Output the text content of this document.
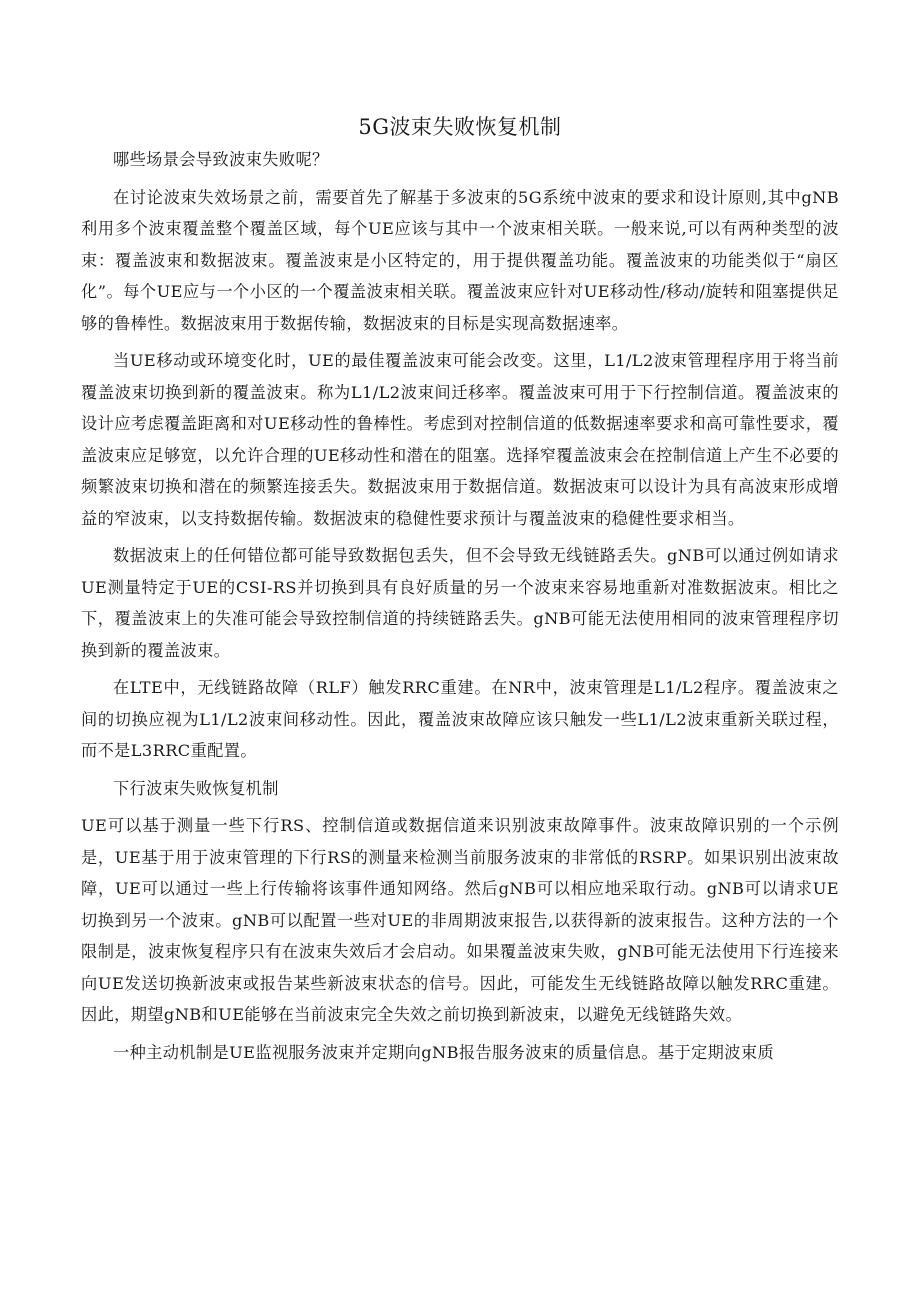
5G波束失败恢复机制

哪些场景会导致波束失败呢？

在讨论波束失效场景之前，需要首先了解基于多波束的5G系统中波束的要求和设计原则,其中gNB利用多个波束覆盖整个覆盖区域，每个UE应该与其中一个波束相关联。一般来说,可以有两种类型的波束：覆盖波束和数据波束。覆盖波束是小区特定的，用于提供覆盖功能。覆盖波束的功能类似于“扇区化”。每个UE应与一个小区的一个覆盖波束相关联。覆盖波束应针对UE移动性/移动/旋转和阻塞提供足够的鲁棒性。数据波束用于数据传输，数据波束的目标是实现高数据速率。

当UE移动或环境变化时，UE的最佳覆盖波束可能会改变。这里，L1/L2波束管理程序用于将当前覆盖波束切换到新的覆盖波束。称为L1/L2波束间迁移率。覆盖波束可用于下行控制信道。覆盖波束的设计应考虑覆盖距离和对UE移动性的鲁棒性。考虑到对控制信道的低数据速率要求和高可靠性要求，覆盖波束应足够宽，以允许合理的UE移动性和潜在的阻塞。选择窄覆盖波束会在控制信道上产生不必要的频繁波束切换和潜在的频繁连接丢失。数据波束用于数据信道。数据波束可以设计为具有高波束形成增益的窄波束，以支持数据传输。数据波束的稳健性要求预计与覆盖波束的稳健性要求相当。

数据波束上的任何错位都可能导致数据包丢失，但不会导致无线链路丢失。gNB可以通过例如请求UE测量特定于UE的CSI-RS并切换到具有良好质量的另一个波束来容易地重新对准数据波束。相比之下，覆盖波束上的失准可能会导致控制信道的持续链路丢失。gNB可能无法使用相同的波束管理程序切换到新的覆盖波束。

在LTE中，无线链路故障（RLF）触发RRC重建。在NR中，波束管理是L1/L2程序。覆盖波束之间的切换应视为L1/L2波束间移动性。因此，覆盖波束故障应该只触发一些L1/L2波束重新关联过程，而不是L3RRC重配置。

下行波束失败恢复机制

UE可以基于测量一些下行RS、控制信道或数据信道来识别波束故障事件。波束故障识别的一个示例是，UE基于用于波束管理的下行RS的测量来检测当前服务波束的非常低的RSRP。如果识别出波束故障，UE可以通过一些上行传输将该事件通知网络。然后gNB可以相应地采取行动。gNB可以请求UE切换到另一个波束。gNB可以配置一些对UE的非周期波束报告,以获得新的波束报告。这种方法的一个限制是，波束恢复程序只有在波束失效后才会启动。如果覆盖波束失败，gNB可能无法使用下行连接来向UE发送切换新波束或报告某些新波束状态的信号。因此，可能发生无线链路故障以触发RRC重建。因此，期望gNB和UE能够在当前波束完全失效之前切换到新波束，以避免无线链路失效。

一种主动机制是UE监视服务波束并定期向gNB报告服务波束的质量信息。基于定期波束质
